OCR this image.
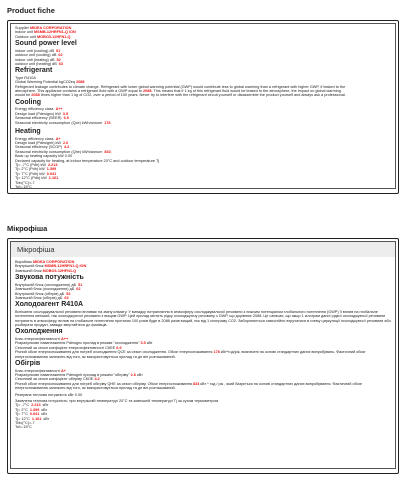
Product fiche
Supplier MIDEA CORPORATION
Indoor unit MSMB-12HRFN1-Q ION
Outdoor unit MOBO3-12HFN1-Q
Sound power level
indoor unit (cooling) dB 51
outdoor unit (cooling) dB 62
indoor unit (heating) dB 52
outdoor unit (heating) dB 63
Refrigerant
Type R410A
Global Warming Potential kgCO2eq 2088
Refrigerant leakage contributes to climate change. Refrigerant with lower global warming potential (GWP) would contribute less to global warming than a refrigerant with higher GWP, if leaked to the
atmosphere. This appliance contains a refrigerant fluid with a GWP equal to 2088. This means that if 1 kg of this refrigerant fluid would be leaked to the atmosphere, the impact on global warming
would be 2088 times higher than 1 kg of CO2, over a period of 100 years. Never try to interfere with the refrigerant circuit yourself or disassemble the product yourself and always ask a professional.
Cooling
Energy efficiency class A++
Design load (Pdesignc) kW 3.5
Seasonal efficiency (SEER) 6.9
Seasonal electricity consumption (Qce) kWh/annum 178
Heating
Energy efficiency class A+
Design load (Pdesignh) kW 2.6
Seasonal efficiency (SCOP) 4.2
Seasonal electricity consumption (Qhe) kWh/annum 833
Back up heating capacity kW 0.00
Declared capacity for heating, at indoor temperature 20°C and outdoor temperature Tj
Tj= -7°C (Pdh) kW 2.213
Tj= 2°C (Pdh) kW 1.399
Tj= 7°C (Pdh) kW 0.941
Tj= 12°C (Pdh) kW 1.161
Tbiv(°C)=-7
Tol=-15°C
Мікрофіша
Мікрофіша
Виробник MIDEA CORPORATION
Внутрішній блок MSMB-12HRFN1-Q ION
Зовнішній блок MOBO3-12HFN1-Q
Звукова потужність
Внутрішній блок (охолодження) дБ 51
Зовнішній блок (охолодження) дБ 62
Внутрішній блок (обігрів) дБ 52
Зовнішній блок (обігрів) дБ 63
Холодоагент R410A
Витікання охолоджувальної речовини впливає на зміну клімату. У випадку потрапляння в атмосферу охолоджувальної речовини з нижчим потенціалом глобального потепління (GWP) її вплив на глобальне потепління менший, ніж охолоджуючої речовини з вищим GWP. Цей прилад містить рідку охолоджуючу речовину з GWP, що дорівнює 2088. Це означає, що якщо 1 кілограм даної рідкої охолоджуючої речовини потрапить в атмосферу, вплив на глобальне потепління протягом 100 років буде в 2088 разів вищий, ніж від 1 кілограму CO2. Забороняється самостійно втручатися в схему циркуляції охолоджуючої речовини або розбирати продукт, завжди звертайтеся до фахівців.
Охолодження
Клас енергоефективності A++
Розрахункове навантаження Рdesignc прилад в режимі "охолодження" 3.5 кВт
Сезонний за сезон коефіцієнт енергоефективності СКЕЕ 6.9
Річний обсяг енергоспоживання для потреб охолодження QCE за сезон охолодження. Обсяг енергоспоживання 178 кВт*год/рік, визначені на основі стандартних даних випробувань. Фактичний обсяг енергоспоживання залежить від того, як використовується прилад та де він розташований.
Обігрів
Клас енергоефективності A+
Розрахункове навантаження Рdesignh прилад в режимі "обігріву" 2.6 кВт
Сезонний за сезон коефіцієнт обігріву СКОЕ 4.2
Річний обсяг енергоспоживання для потреб обігріву QHE за сезон обігріву. Обсяг енергоспоживання 833 кВт * год / рік , який базується на основі стандартних даних випробування. Фактичний обсяг енергоспоживання залежить від того, як використовується прилад та де він розташований.
Резервна теплова потужність кВт 0.00
Заявлена теплова потужність: при внутрішній температурі 20°С та зовнішній температурі Tj за сухим термометром
Tj= -7°C 2.213 кВт
Tj= 2°C 1.399 кВт
Tj= 7°C 0.941 кВт
Tj= 12°C 1.161 кВт
Tbiv(°C)=-7
Tol=-15°C
